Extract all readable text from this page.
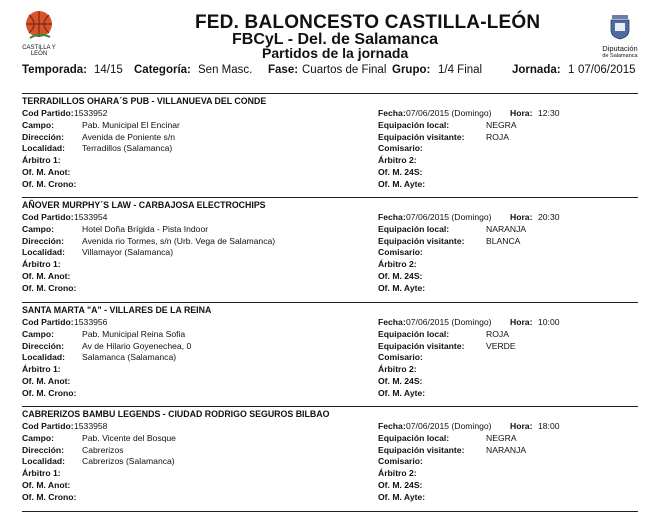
CASTILLA Y LEÓN
Diputación
de Salamanca
FED. BALONCESTO CASTILLA-LEÓN
FBCyL - Del. de Salamanca
Partidos de la jornada
Temporada: 14/15 Categoría: Sen Masc. Fase: Cuartos de Final Grupo: 1/4 Final	Jornada: 1 07/06/2015
TERRADILLOS OHARA´S PUB - VILLANUEVA DEL CONDE
Cod Partido: 1533952	Fecha: 07/06/2015 (Domingo) Hora: 12:30
Campo:	Pab. Municipal El Encinar	Equipación local:	NEGRA
Dirección: Avenida de Poniente s/n	Equipación visitante:	ROJA
Localidad: Terradillos (Salamanca)	Comisario:
Árbitro 1:	Árbitro 2:
Of. M. Anot:	Of. M. 24S:
Of. M. Crono:	Of. M. Ayte:
AÑOVER MURPHY´S LAW - CARBAJOSA ELECTROCHIPS
Cod Partido: 1533954	Fecha: 07/06/2015 (Domingo) Hora: 20:30
Campo:	Hotel Doña Brígida - Pista Indoor	Equipación local:	NARANJA
Dirección: Avenida rio Tormes, s/n (Urb. Vega de Salamanca)	Equipación visitante:	BLANCA
Localidad: Villamayor (Salamanca)	Comisario:
Árbitro 1:	Árbitro 2:
Of. M. Anot:	Of. M. 24S:
Of. M. Crono:	Of. M. Ayte:
SANTA MARTA "A" - VILLARES DE LA REINA
Cod Partido: 1533956	Fecha: 07/06/2015 (Domingo) Hora: 10:00
Campo:	Pab. Municipal Reina Sofia	Equipación local:	ROJA
Dirección: Av de Hilario Goyenechea, 0	Equipación visitante:	VERDE
Localidad: Salamanca (Salamanca)	Comisario:
Árbitro 1:	Árbitro 2:
Of. M. Anot:	Of. M. 24S:
Of. M. Crono:	Of. M. Ayte:
CABRERIZOS BAMBU LEGENDS - CIUDAD RODRIGO SEGUROS BILBAO
Cod Partido: 1533958	Fecha: 07/06/2015 (Domingo) Hora: 18:00
Campo:	Pab. Vicente del Bosque	Equipación local:	NEGRA
Dirección: Cabrerizos	Equipación visitante:	NARANJA
Localidad: Cabrerizos (Salamanca)	Comisario:
Árbitro 1:	Árbitro 2:
Of. M. Anot:	Of. M. 24S:
Of. M. Crono:	Of. M. Ayte:
